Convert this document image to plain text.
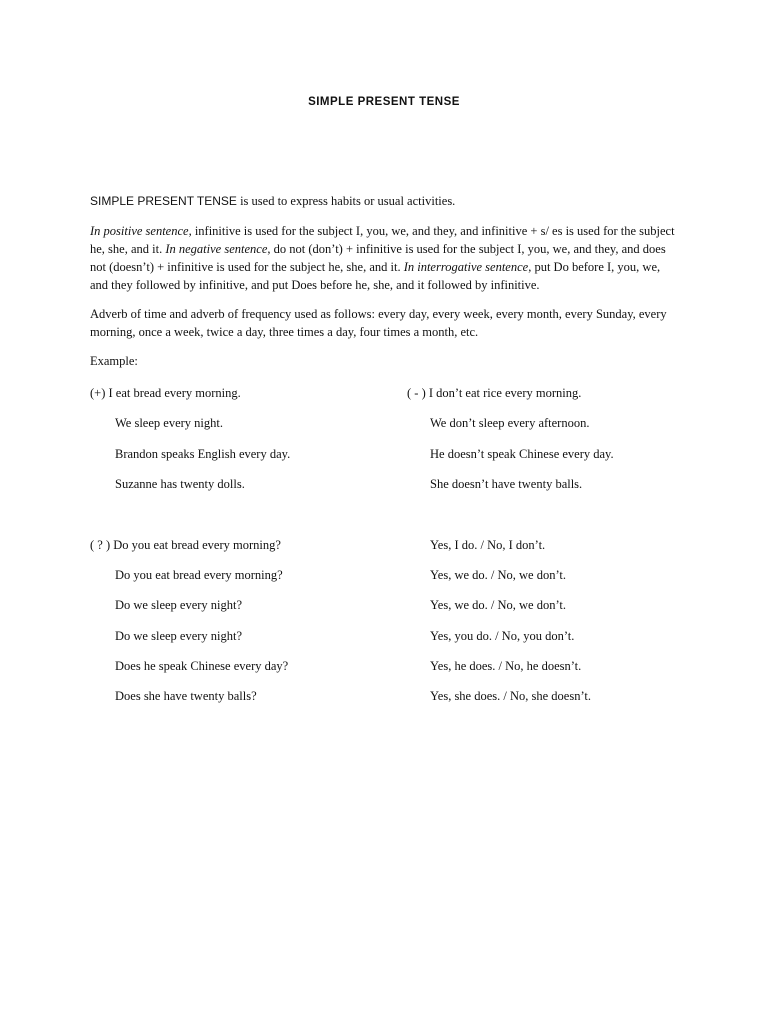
SIMPLE PRESENT TENSE
SIMPLE PRESENT TENSE is used to express habits or usual activities.
In positive sentence, infinitive is used for the subject I, you, we, and they, and infinitive + s/ es is used for the subject he, she, and it. In negative sentence, do not (don’t) + infinitive is used for the subject I, you, we, and they, and does not (doesn’t) + infinitive is used for the subject he, she, and it. In interrogative sentence, put Do before I, you, we, and they followed by infinitive, and put Does before he, she, and it followed by infinitive.
Adverb of time and adverb of frequency used as follows: every day, every week, every month, every Sunday, every morning, once a week, twice a day, three times a day, four times a month, etc.
Example:
(+) I eat bread every morning.
We sleep every night.
Brandon speaks English every day.
Suzanne has twenty dolls.
( - ) I don’t eat rice every morning.
We don’t sleep every afternoon.
He doesn’t speak Chinese every day.
She doesn’t have twenty balls.
( ? ) Do you eat bread every morning?
Do you eat bread every morning?
Do we sleep every night?
Do we sleep every night?
Does he speak Chinese every day?
Does she have twenty balls?
Yes, I do. / No, I don’t.
Yes, we do. / No, we don’t.
Yes, we do. / No, we don’t.
Yes, you do. / No, you don’t.
Yes, he does. / No, he doesn’t.
Yes, she does. / No, she doesn’t.
